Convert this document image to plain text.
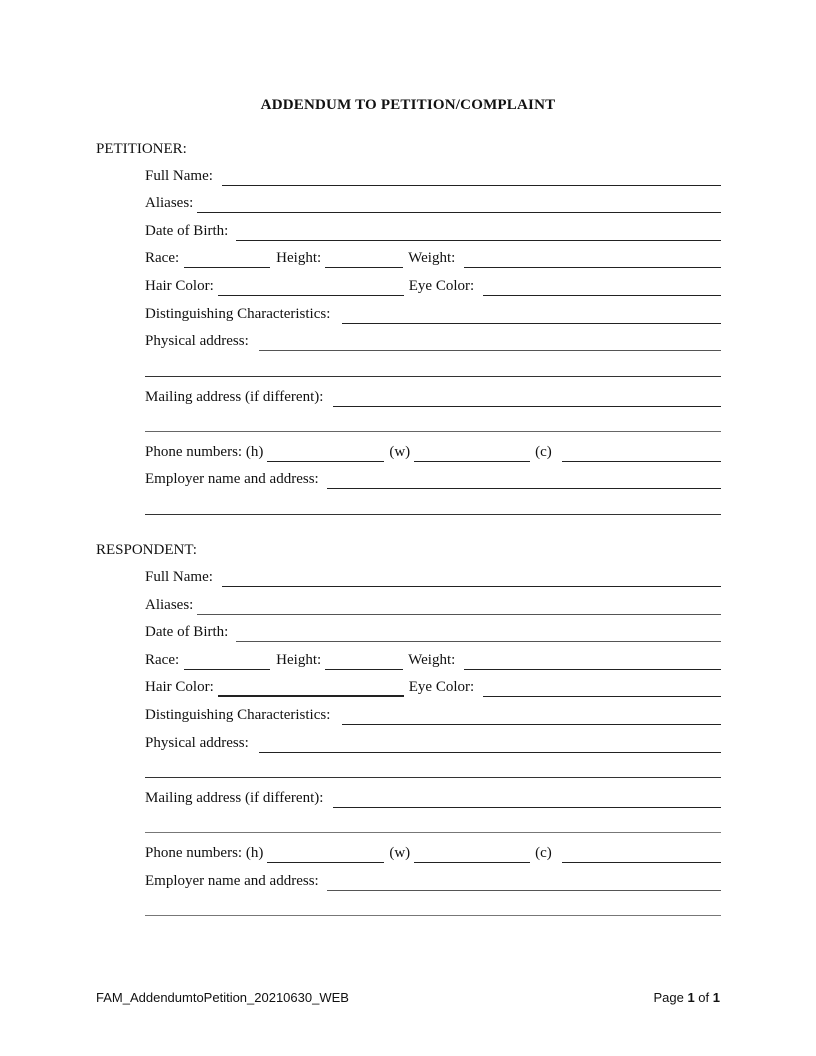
ADDENDUM TO PETITION/COMPLAINT
PETITIONER:
Full Name:
Aliases:
Date of Birth:
Race:	Height:	Weight:
Hair Color:	Eye Color:
Distinguishing Characteristics:
Physical address:
Mailing address (if different):
Phone numbers: (h)	(w)	(c)
Employer name and address:
RESPONDENT:
Full Name:
Aliases:
Date of Birth:
Race:	Height:	Weight:
Hair Color:	Eye Color:
Distinguishing Characteristics:
Physical address:
Mailing address (if different):
Phone numbers: (h)	(w)	(c)
Employer name and address:
FAM_AddendumtoPetition_20210630_WEB	Page 1 of 1
